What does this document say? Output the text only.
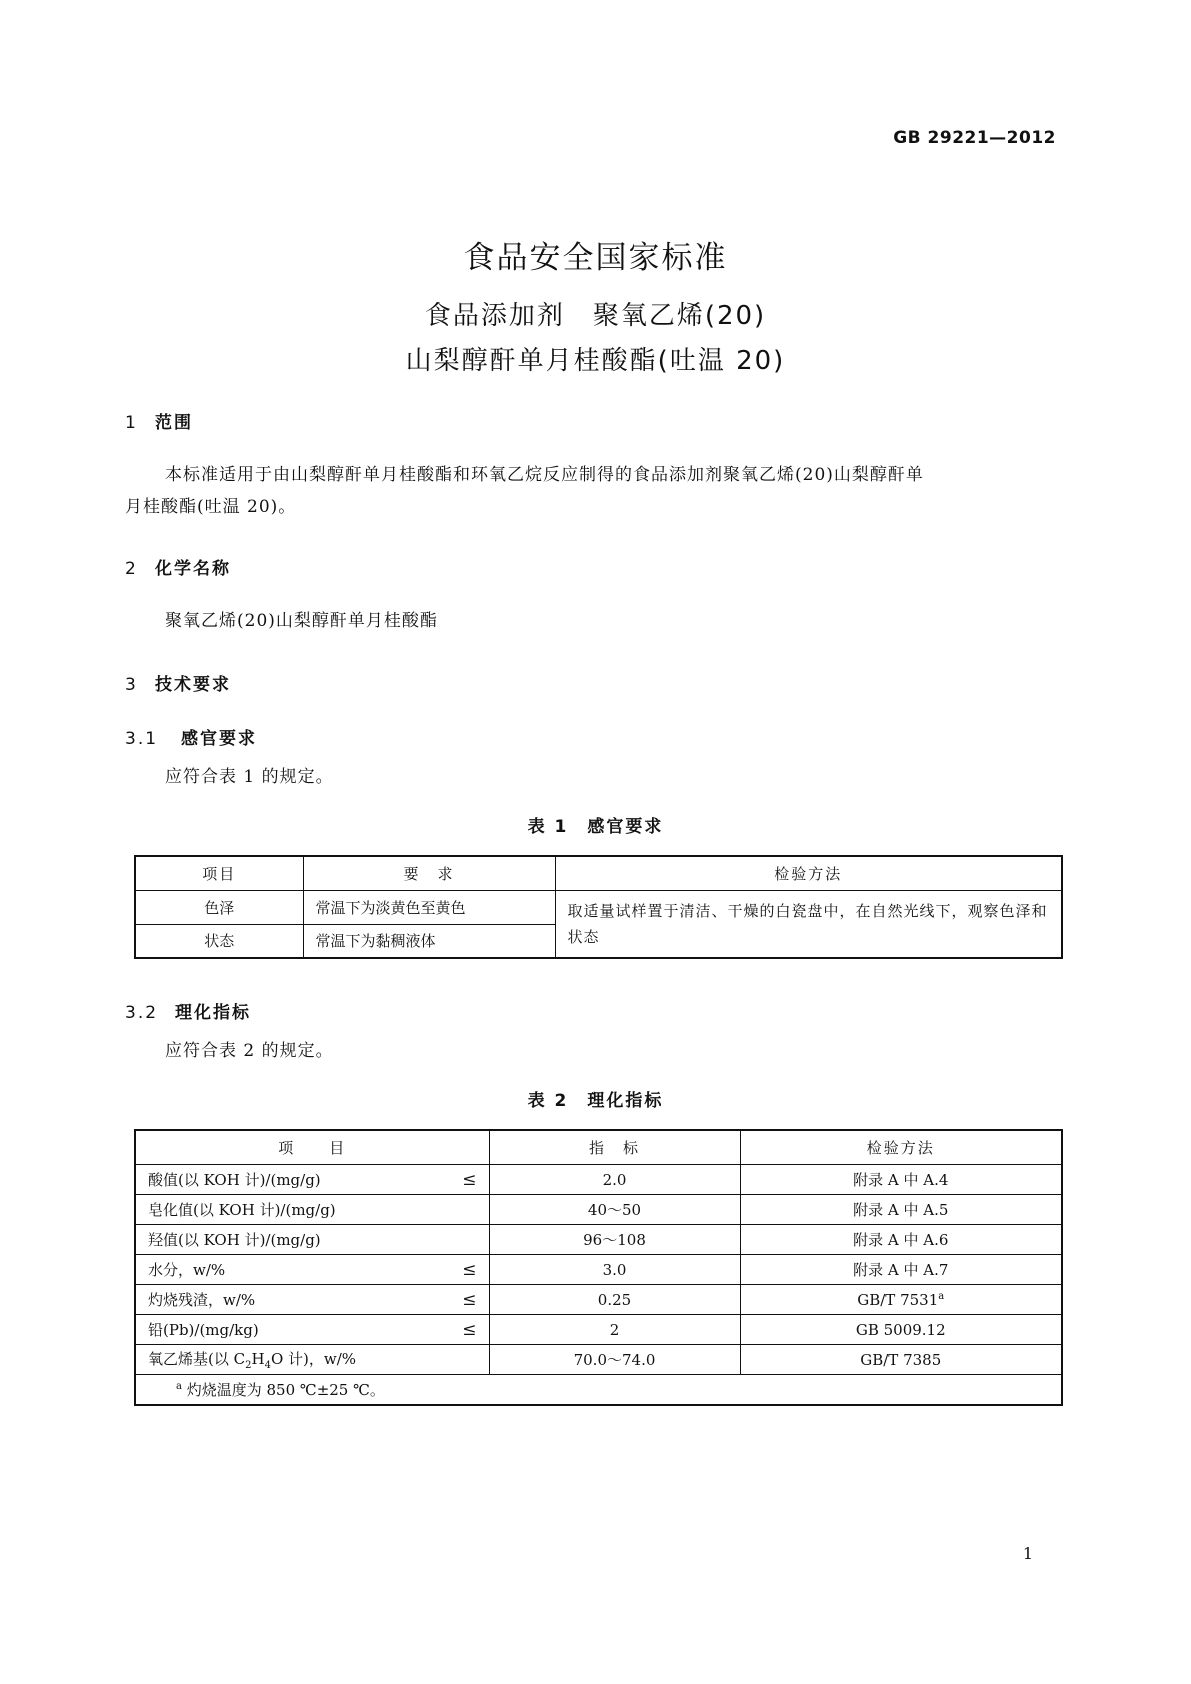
GB 29221—2012
食品安全国家标准
食品添加剂　聚氧乙烯(20)
山梨醇酐单月桂酸酯(吐温 20)
1 范围
本标准适用于由山梨醇酐单月桂酸酯和环氧乙烷反应制得的食品添加剂聚氧乙烯(20)山梨醇酐单
月桂酸酯(吐温 20)。
2 化学名称
聚氧乙烯(20)山梨醇酐单月桂酸酯
3 技术要求
3.1 感官要求
应符合表 1 的规定。
表 1　感官要求
项目	要　求	检验方法
色泽	常温下为淡黄色至黄色	取适量试样置于清洁、干燥的白瓷盘中，在自然光线下，观察色泽和状态
状态	常温下为黏稠液体	
3.2 理化指标
应符合表 2 的规定。
表 2　理化指标
项　　目	指　标	检验方法
酸值(以 KOH 计)/(mg/g) ≤	2.0	附录 A 中 A.4
皂化值(以 KOH 计)/(mg/g)	40～50	附录 A 中 A.5
羟值(以 KOH 计)/(mg/g)	96～108	附录 A 中 A.6
水分，w/% ≤	3.0	附录 A 中 A.7
灼烧残渣，w/% ≤	0.25	GB/T 7531$^a$
铅(Pb)/(mg/kg) ≤	2	GB 5009.12
氧乙烯基(以 $C_2H_4O$ 计)，w/%	70.0～74.0	GB/T 7385
$^a$ 灼烧温度为 850 ℃±25 ℃。		
1
